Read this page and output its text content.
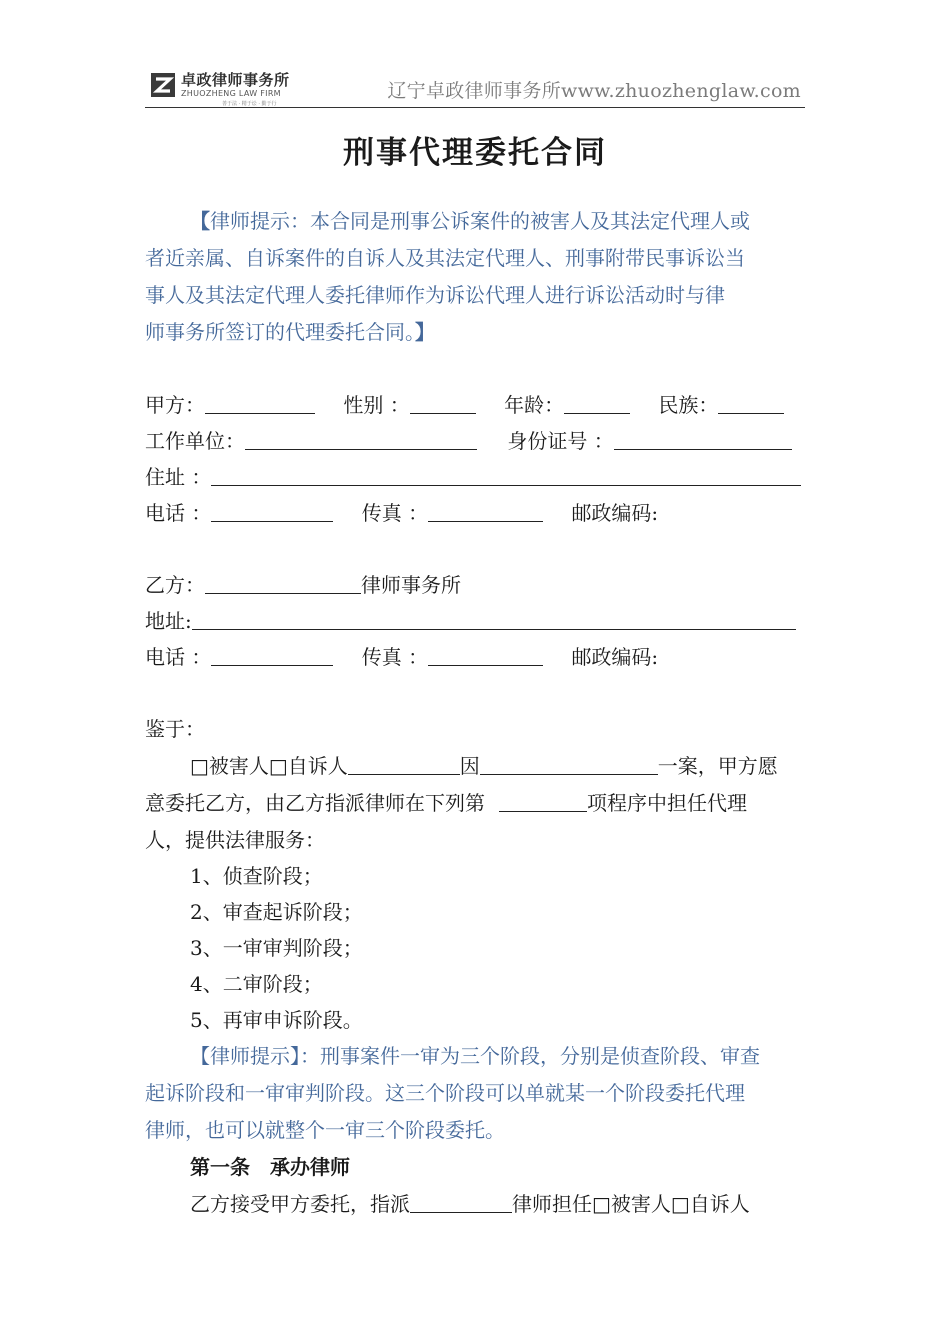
卓政律师事务所
ZHUOZHENG LAW FIRM
善于法 · 精于讼 · 勤于行
辽宁卓政律师事务所www.zhuozhenglaw.com
刑事代理委托合同
【律师提示：本合同是刑事公诉案件的被害人及其法定代理人或
者近亲属、自诉案件的自诉人及其法定代理人、刑事附带民事诉讼当
事人及其法定代理人委托律师作为诉讼代理人进行诉讼活动时与律
师事务所签订的代理委托合同。】
甲方：	性别 ：	年龄：	民族：
工作单位：	身份证号 ：
住址 ：
电话 ：	传真 ：	邮政编码:
乙方：	律师事务所
地址:
电话 ：	传真 ：	邮政编码:
鉴于：
□被害人□自诉人	因	一案，甲方愿
意委托乙方，由乙方指派律师在下列第	项程序中担任代理
人，提供法律服务：
1、侦查阶段；
2、审查起诉阶段；
3、一审审判阶段；
4、二审阶段；
5、再审申诉阶段。
【律师提示】：刑事案件一审为三个阶段，分别是侦查阶段、审查
起诉阶段和一审审判阶段。这三个阶段可以单就某一个阶段委托代理
律师，也可以就整个一审三个阶段委托。
第一条　承办律师
乙方接受甲方委托，指派	律师担任□被害人□自诉人
